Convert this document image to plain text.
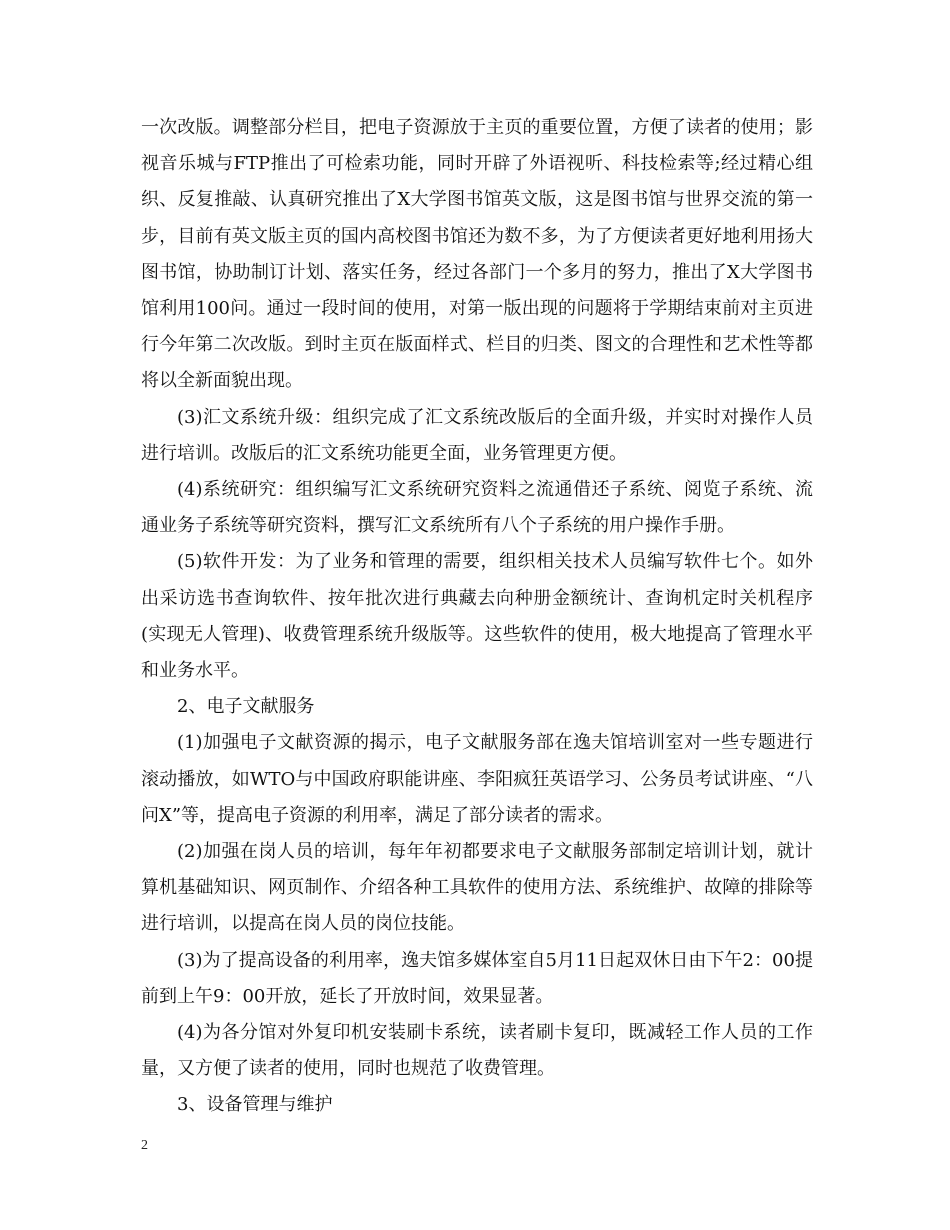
一次改版。调整部分栏目，把电子资源放于主页的重要位置，方便了读者的使用；影视音乐城与FTP推出了可检索功能，同时开辟了外语视听、科技检索等;经过精心组织、反复推敲、认真研究推出了X大学图书馆英文版，这是图书馆与世界交流的第一步，目前有英文版主页的国内高校图书馆还为数不多，为了方便读者更好地利用扬大图书馆，协助制订计划、落实任务，经过各部门一个多月的努力，推出了X大学图书馆利用100问。通过一段时间的使用，对第一版出现的问题将于学期结束前对主页进行今年第二次改版。到时主页在版面样式、栏目的归类、图文的合理性和艺术性等都将以全新面貌出现。

(3)汇文系统升级：组织完成了汇文系统改版后的全面升级，并实时对操作人员进行培训。改版后的汇文系统功能更全面，业务管理更方便。

(4)系统研究：组织编写汇文系统研究资料之流通借还子系统、阅览子系统、流通业务子系统等研究资料，撰写汇文系统所有八个子系统的用户操作手册。

(5)软件开发：为了业务和管理的需要，组织相关技术人员编写软件七个。如外出采访选书查询软件、按年批次进行典藏去向种册金额统计、查询机定时关机程序(实现无人管理)、收费管理系统升级版等。这些软件的使用，极大地提高了管理水平和业务水平。

2、电子文献服务

(1)加强电子文献资源的揭示，电子文献服务部在逸夫馆培训室对一些专题进行滚动播放，如WTO与中国政府职能讲座、李阳疯狂英语学习、公务员考试讲座、“八问X”等，提高电子资源的利用率，满足了部分读者的需求。

(2)加强在岗人员的培训，每年年初都要求电子文献服务部制定培训计划，就计算机基础知识、网页制作、介绍各种工具软件的使用方法、系统维护、故障的排除等进行培训，以提高在岗人员的岗位技能。

(3)为了提高设备的利用率，逸夫馆多媒体室自5月11日起双休日由下午2：00提前到上午9：00开放，延长了开放时间，效果显著。

(4)为各分馆对外复印机安装刷卡系统，读者刷卡复印，既减轻工作人员的工作量，又方便了读者的使用，同时也规范了收费管理。

3、设备管理与维护

2
